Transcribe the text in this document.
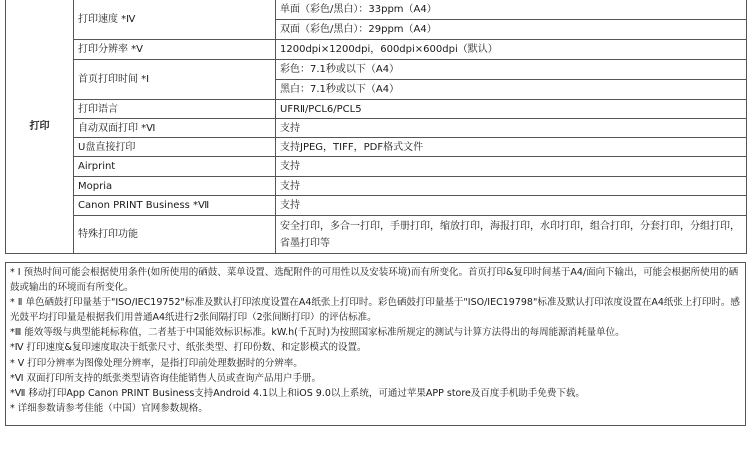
打印	打印速度 *Ⅳ	单面（彩色/黑白）：33ppm（A4）
双面（彩色/黑白）：29ppm（A4）

	打印分辨率 *Ⅴ	1200dpi×1200dpi，600dpi×600dpi（默认）
	首页打印时间 *Ⅰ	彩色：7.1秒或以下（A4）
黑白：7.1秒或以下（A4）

	打印语言	UFRⅡ/PCL6/PCL5
	自动双面打印 *Ⅵ	支持
	U盘直接打印	支持JPEG，TIFF，PDF格式文件
	Airprint	支持
	Mopria	支持
	Canon PRINT Business *Ⅶ	支持
	特殊打印功能	安全打印，多合一打印，手册打印，缩放打印，海报打印，水印打印，组合打印，分套打印，分组打印，省墨打印等
* Ⅰ 预热时间可能会根据使用条件(如所使用的硒鼓、菜单设置、选配附件的可用性以及安装环境)而有所变化。首页打印&复印时间基于A4/面向下输出，可能会根据所使用的硒鼓或输出的环境而有所变化。
* Ⅱ 单色硒鼓打印量基于"ISO/IEC19752"标准及默认打印浓度设置在A4纸张上打印时。彩色硒鼓打印量基于"ISO/IEC19798"标准及默认打印浓度设置在A4纸张上打印时。感光鼓平均打印量是根据我们用普通A4纸进行2张间隔打印（2张间断打印）的评估标准。
*Ⅲ 能效等级与典型能耗标称值，二者基于中国能效标识标准。kW.h(千瓦时)为按照国家标准所规定的测试与计算方法得出的每周能源消耗量单位。
*Ⅳ 打印速度&复印速度取决于纸张尺寸、纸张类型、打印份数、和定影模式的设置。
* Ⅴ 打印分辨率为图像处理分辨率，是指打印前处理数据时的分辨率。
*Ⅵ 双面打印所支持的纸张类型请咨询佳能销售人员或查询产品用户手册。
*Ⅶ 移动打印App Canon PRINT Business支持Android 4.1以上和iOS 9.0以上系统，可通过苹果APP store及百度手机助手免费下载。
* 详细参数请参考佳能（中国）官网参数规格。
